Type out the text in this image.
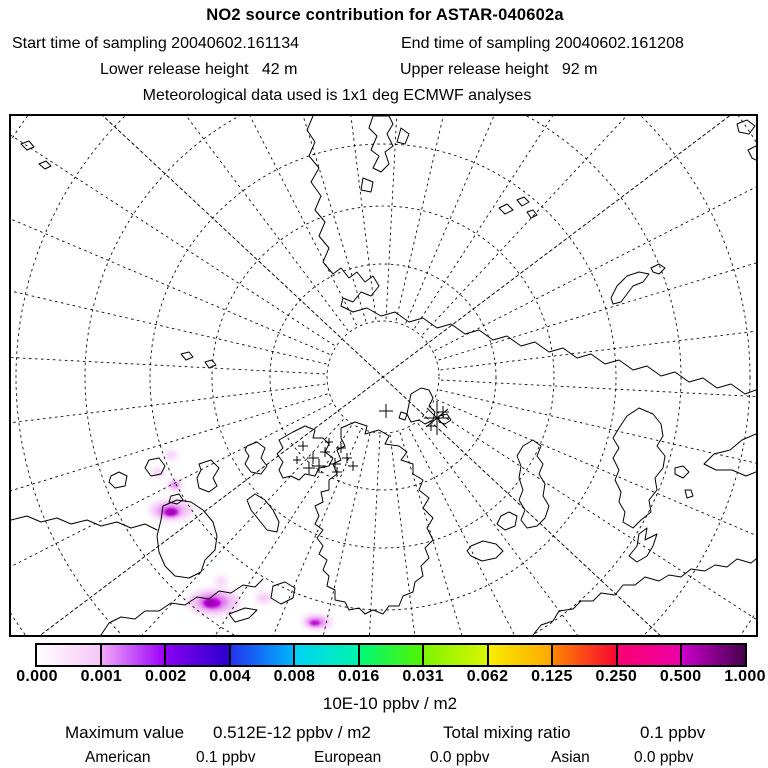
NO2 source contribution for ASTAR-040602a
Start time of sampling 20040602.161134	End time of sampling 20040602.161208
Lower release height   42 m	Upper release height   92 m
Meteorological data used is 1x1 deg ECMWF analyses
0.000 0.001 0.002 0.004 0.008 0.016 0.031 0.062 0.125 0.250 0.500 1.000
10E-10 ppbv / m2
Maximum value 0.512E-12 ppbv / m2	Total mixing ratio	0.1 ppbv
American	0.1 ppbv	European	0.0 ppbv	Asian	0.0 ppbv
